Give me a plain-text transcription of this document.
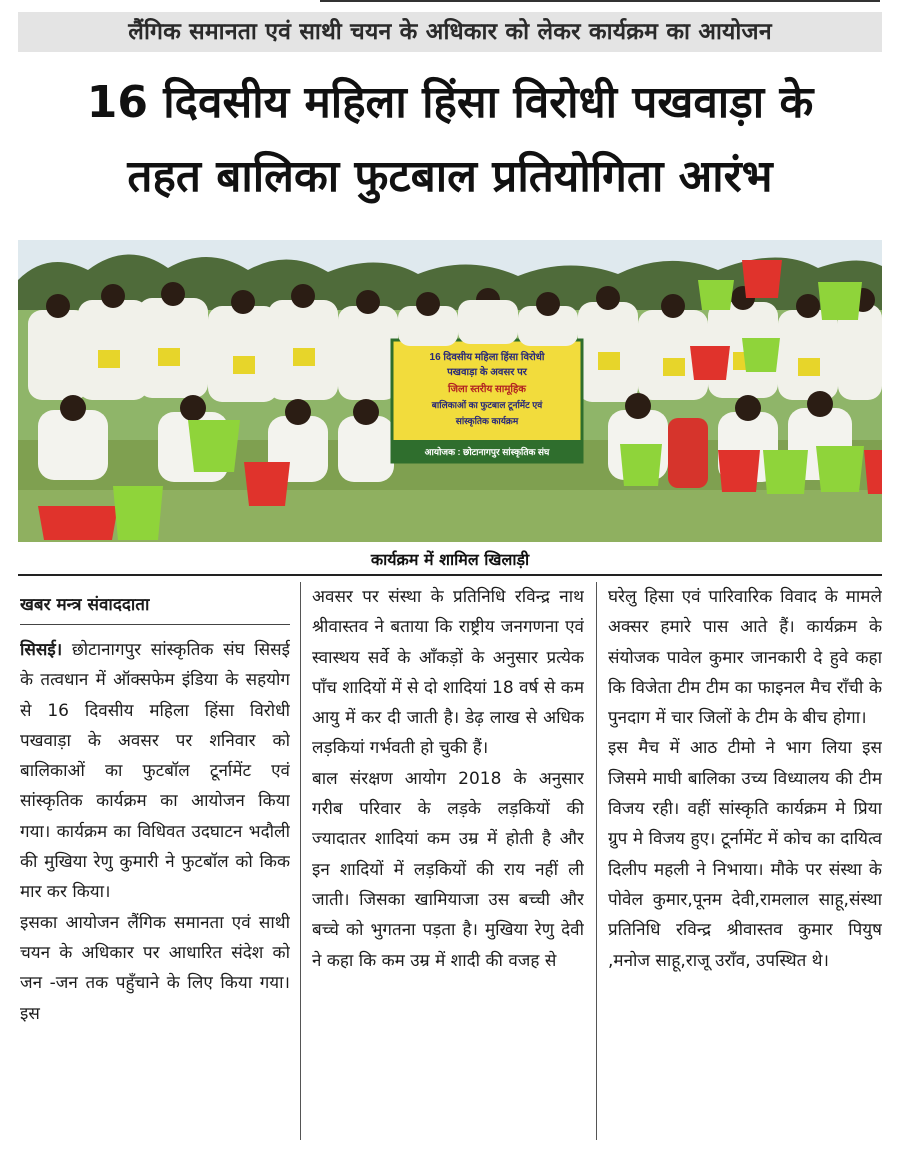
लैंगिक समानता एवं साथी चयन के अधिकार को लेकर कार्यक्रम का आयोजन
16 दिवसीय महिला हिंसा विरोधी पखवाड़ा के
तहत बालिका फुटबाल प्रतियोगिता आरंभ
16 दिवसीय महिला हिंसा विरोधी
पखवाड़ा के अवसर पर
जिला स्तरीय सामूहिक
बालिकाओं का फुटबाल टूर्नामेंट एवं
सांस्कृतिक कार्यक्रम
आयोजक : छोटानागपुर सांस्कृतिक संघ
कार्यक्रम में शामिल खिलाड़ी
खबर मन्त्र संवाददाता

सिसई। छोटानागपुर सांस्कृतिक संघ सिसई के तत्वधान में ऑक्सफेम इंडिया के सहयोग से 16 दिवसीय महिला हिंसा विरोधी पखवाड़ा के अवसर पर शनिवार को बालिकाओं का फुटबॉल टूर्नामेंट एवं सांस्कृतिक कार्यक्रम का आयोजन किया गया। कार्यक्रम का विधिवत उदघाटन भदौली की मुखिया रेणु कुमारी ने फुटबॉल को किक मार कर किया।

इसका आयोजन लैंगिक समानता एवं साथी चयन के अधिकार पर आधारित संदेश को जन -जन तक पहुँचाने के लिए किया गया। इस

अवसर पर संस्था के प्रतिनिधि रविन्द्र नाथ श्रीवास्तव ने बताया कि राष्ट्रीय जनगणना एवं स्वास्थय सर्वे के आँकड़ों के अनुसार प्रत्येक पाँच शादियों में से दो शादियां 18 वर्ष से कम आयु में कर दी जाती है। डेढ़ लाख से अधिक लड़कियां गर्भवती हो चुकी हैं।

बाल संरक्षण आयोग 2018 के अनुसार गरीब परिवार के लड़के लड़कियों की ज्यादातर शादियां कम उम्र में होती है और इन शादियों में लड़कियों की राय नहीं ली जाती। जिसका खामियाजा उस बच्ची और बच्चे को भुगतना पड़ता है। मुखिया रेणु देवी ने कहा कि कम उम्र में शादी की वजह से

घरेलु हिसा एवं पारिवारिक विवाद के मामले अक्सर हमारे पास आते हैं। कार्यक्रम के संयोजक पावेल कुमार जानकारी दे हुवे कहा कि विजेता टीम टीम का फाइनल मैच राँची के पुनदाग में चार जिलों के टीम के बीच होगा।

इस मैच में आठ टीमो ने भाग लिया इस जिसमे माघी बालिका उच्य विध्यालय की टीम विजय रही। वहीं सांस्कृति कार्यक्रम मे प्रिया ग्रुप मे विजय हुए। टूर्नामेंट में कोच का दायित्व दिलीप महली ने निभाया। मौके पर संस्था के पोवेल कुमार,पूनम देवी,रामलाल साहू,संस्था प्रतिनिधि रविन्द्र श्रीवास्तव कुमार पियुष ,मनोज साहू,राजू उराँव, उपस्थित थे।
